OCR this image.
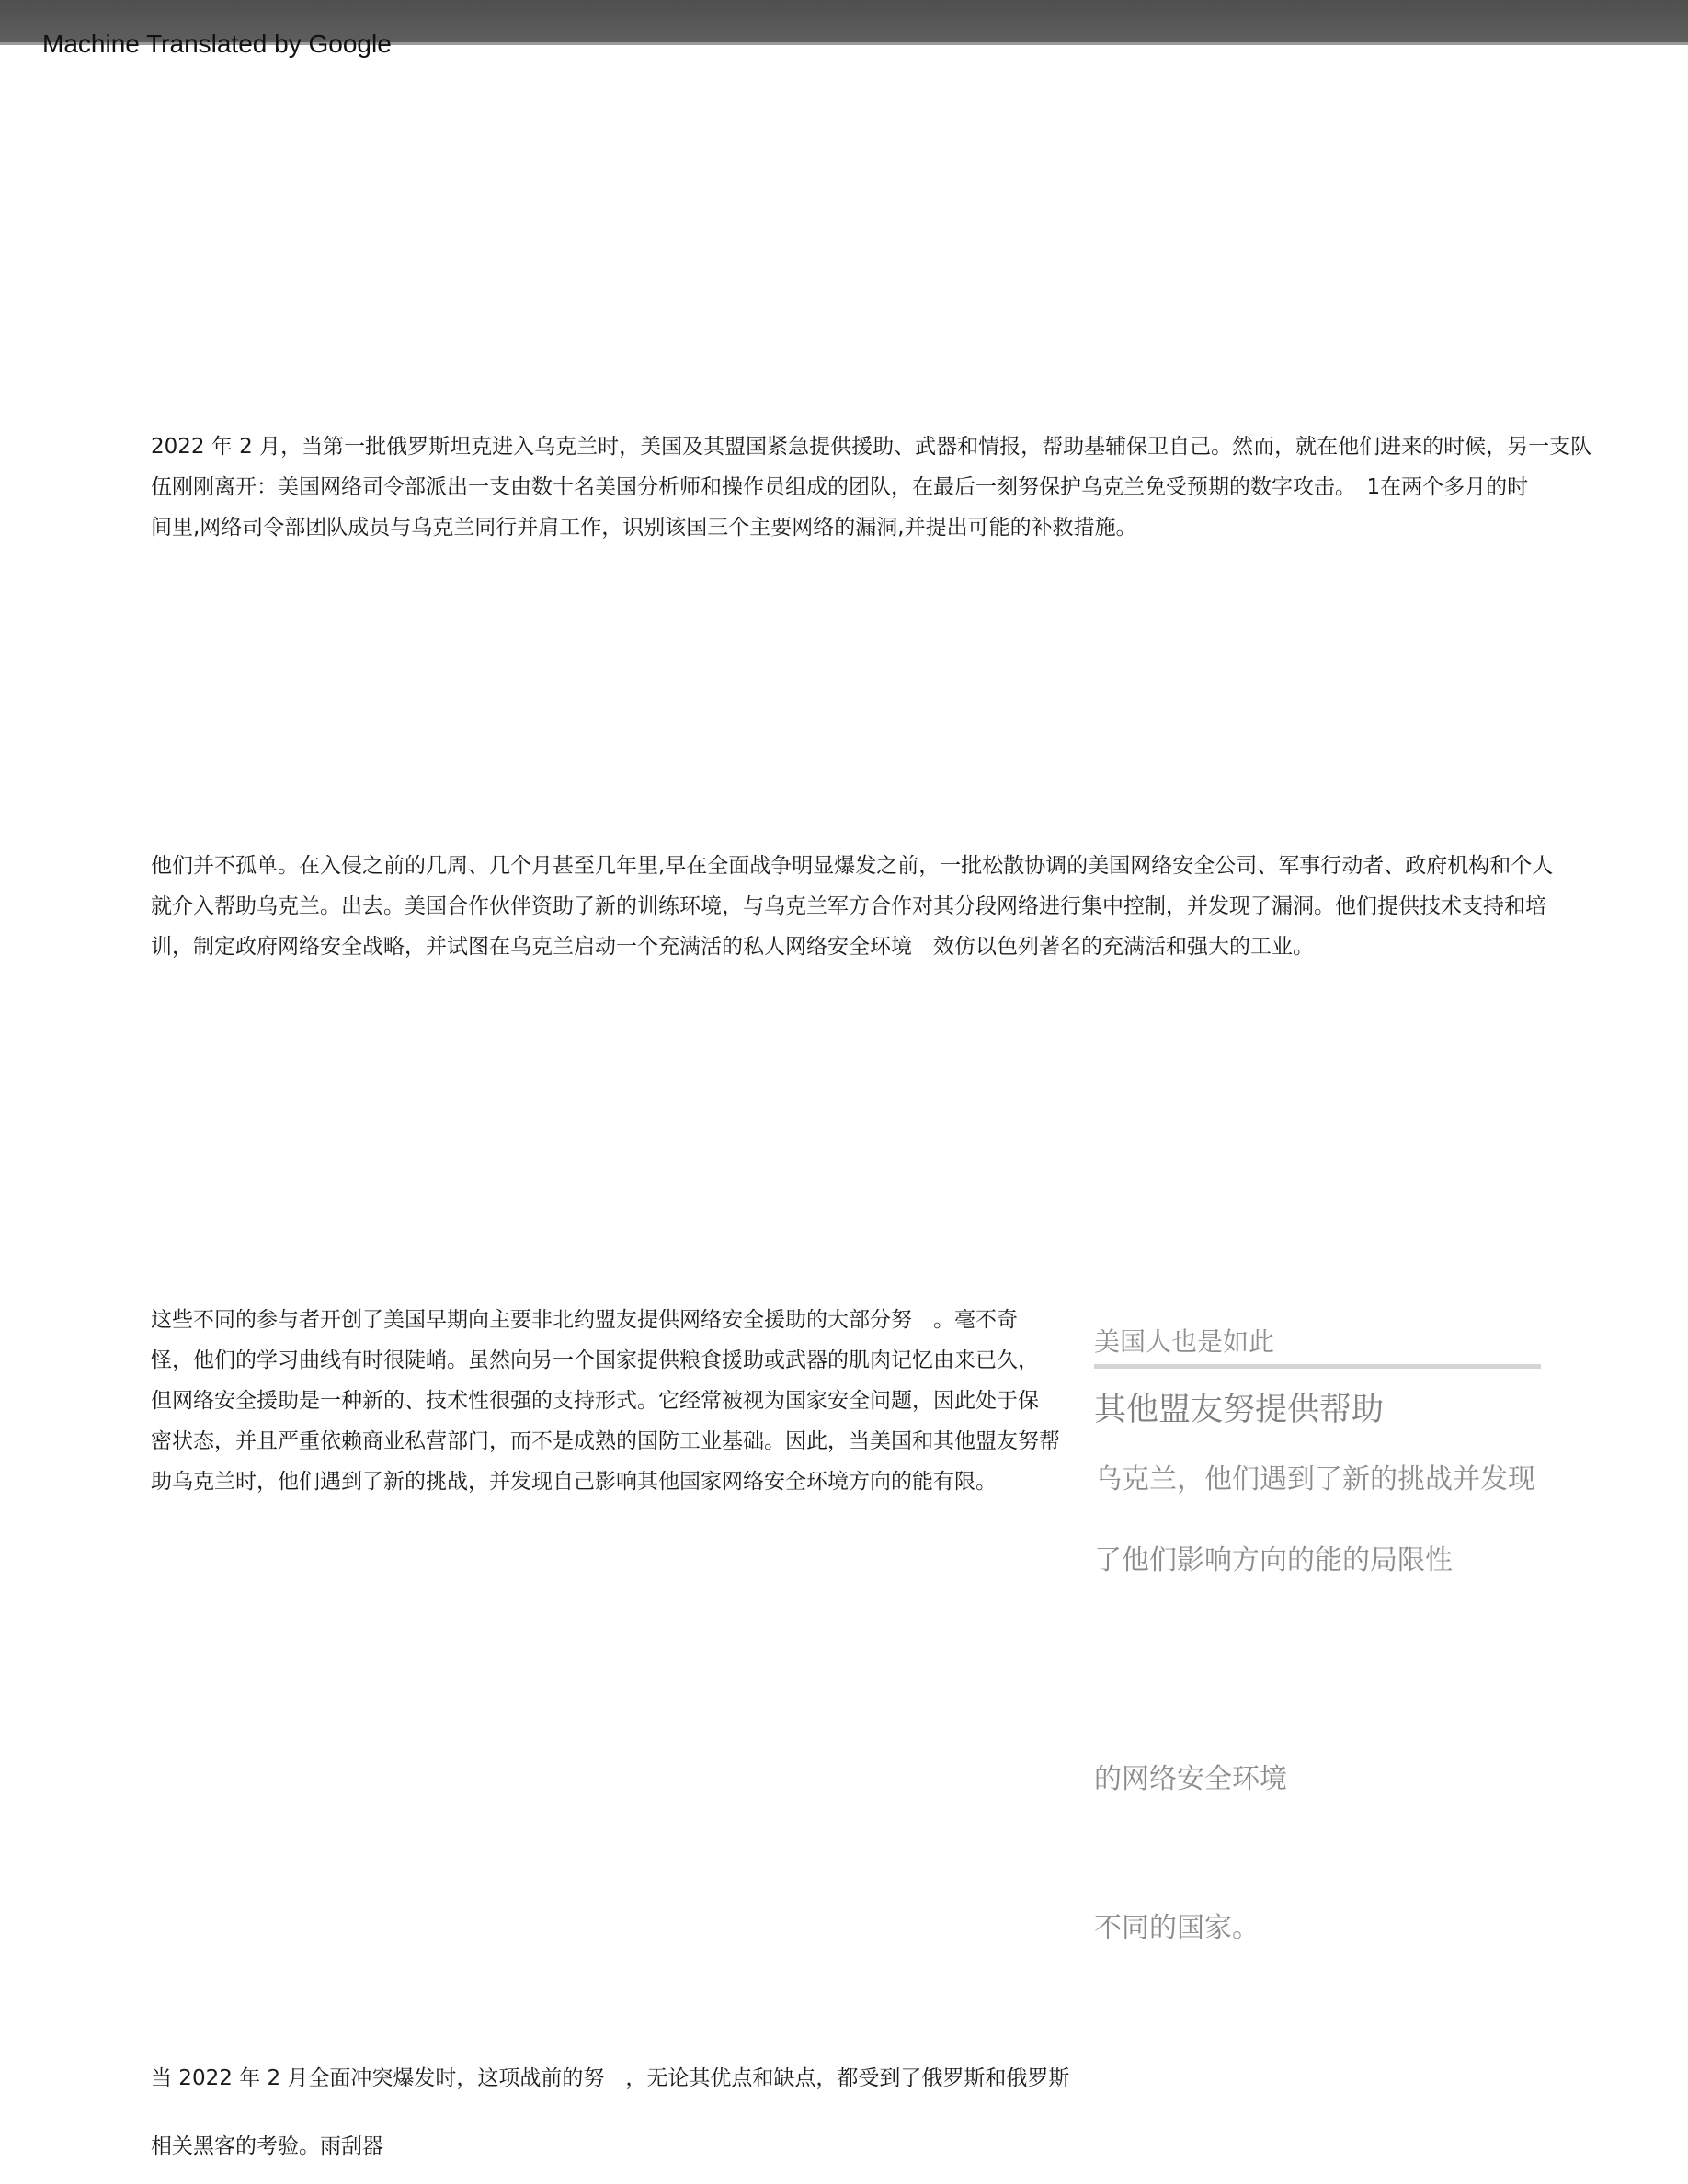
Machine Translated by Google
2022 年 2 月，当第一批俄罗斯坦克进入乌克兰时，美国及其盟国紧急提供援助、武器和情报，帮助基辅保卫自己。然而，就在他们进来的时候，另一支队
伍刚刚离开：美国网络司令部派出一支由数十名美国分析师和操作员组成的团队，在最后一刻努保护乌克兰免受预期的数字攻击。　1在两个多月的时
间里,网络司令部团队成员与乌克兰同行并肩工作，识别该国三个主要网络的漏洞,并提出可能的补救措施。
他们并不孤单。在入侵之前的几周、几个月甚至几年里,早在全面战争明显爆发之前，一批松散协调的美国网络安全公司、军事行动者、政府机构和个人
就介入帮助乌克兰。出去。美国合作伙伴资助了新的训练环境，与乌克兰军方合作对其分段网络进行集中控制，并发现了漏洞。他们提供技术支持和培
训，制定政府网络安全战略，并试图在乌克兰启动一个充满活的私人网络安全环境　效仿以色列著名的充满活和强大的工业。
这些不同的参与者开创了美国早期向主要非北约盟友提供网络安全援助的大部分努　。毫不奇
怪，他们的学习曲线有时很陡峭。虽然向另一个国家提供粮食援助或武器的肌肉记忆由来已久，
但网络安全援助是一种新的、技术性很强的支持形式。它经常被视为国家安全问题，因此处于保
密状态，并且严重依赖商业私营部门，而不是成熟的国防工业基础。因此，当美国和其他盟友努帮
助乌克兰时，他们遇到了新的挑战，并发现自己影响其他国家网络安全环境方向的能有限。
美国人也是如此
其他盟友努提供帮助
乌克兰，他们遇到了新的挑战并发现
了他们影响方向的能的局限性
的网络安全环境
不同的国家。
当 2022 年 2 月全面冲突爆发时，这项战前的努　，无论其优点和缺点，都受到了俄罗斯和俄罗斯
相关黑客的考验。雨刮器
